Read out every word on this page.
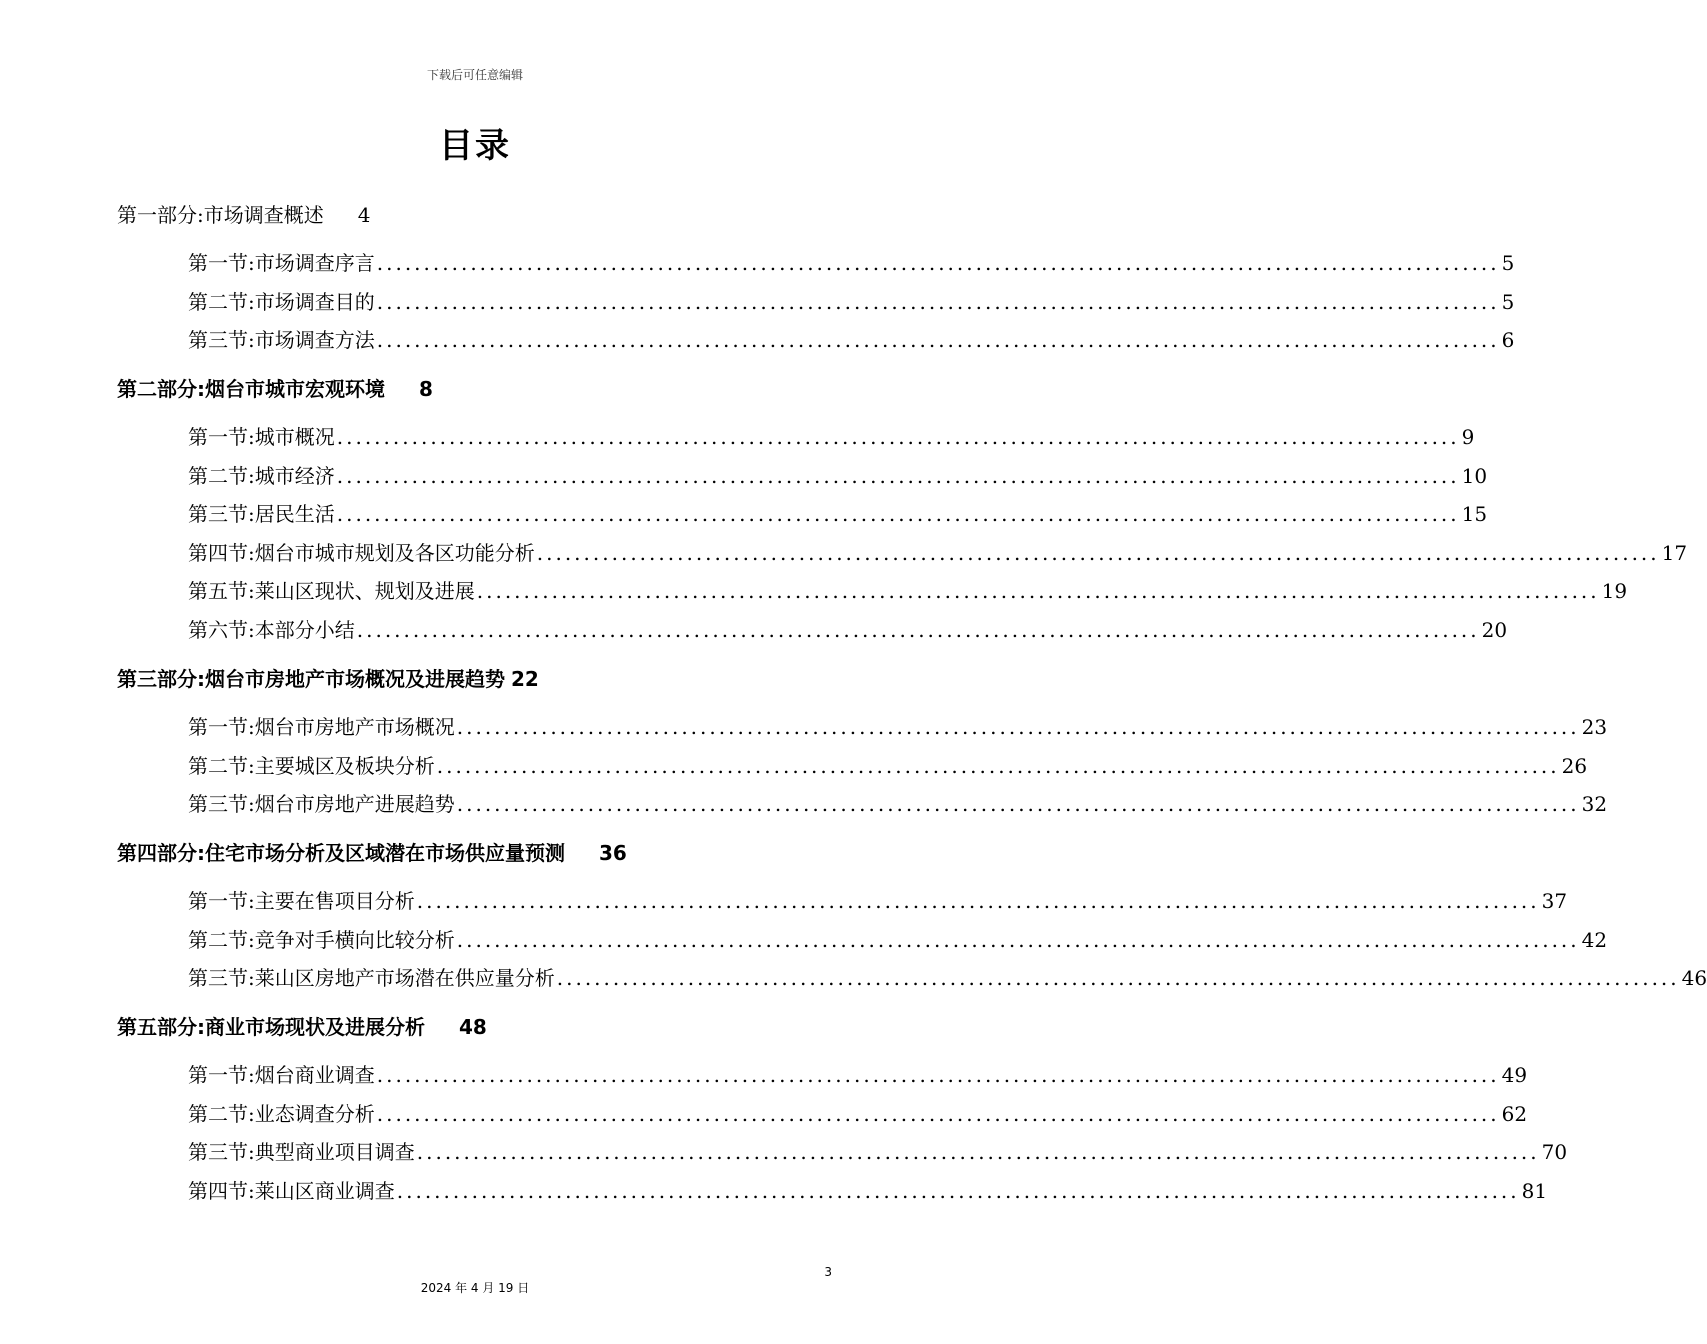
下载后可任意编辑
目录
第一部分:市场调查概述 4
第一节:市场调查序言 ........................................................................................................................ 5
第二节:市场调查目的 ........................................................................................................................ 5
第三节:市场调查方法 ........................................................................................................................ 6
第二部分:烟台市城市宏观环境 8
第一节:城市概况 ........................................................................................................................ 9
第二节:城市经济 ........................................................................................................................ 10
第三节:居民生活 ........................................................................................................................ 15
第四节:烟台市城市规划及各区功能分析 ........................................................................................................................ 17
第五节:莱山区现状、规划及进展 ........................................................................................................................ 19
第六节:本部分小结 ........................................................................................................................ 20
第三部分:烟台市房地产市场概况及进展趋势 22
第一节:烟台市房地产市场概况 ........................................................................................................................ 23
第二节:主要城区及板块分析 ........................................................................................................................ 26
第三节:烟台市房地产进展趋势 ........................................................................................................................ 32
第四部分:住宅市场分析及区域潜在市场供应量预测 36
第一节:主要在售项目分析 ........................................................................................................................ 37
第二节:竞争对手横向比较分析 ........................................................................................................................ 42
第三节:莱山区房地产市场潜在供应量分析 ........................................................................................................................ 46
第五部分:商业市场现状及进展分析 48
第一节:烟台商业调查 ........................................................................................................................ 49
第二节:业态调查分析 ........................................................................................................................ 62
第三节:典型商业项目调查 ........................................................................................................................ 70
第四节:莱山区商业调查 ........................................................................................................................ 81
3
2024 年 4 月 19 日
